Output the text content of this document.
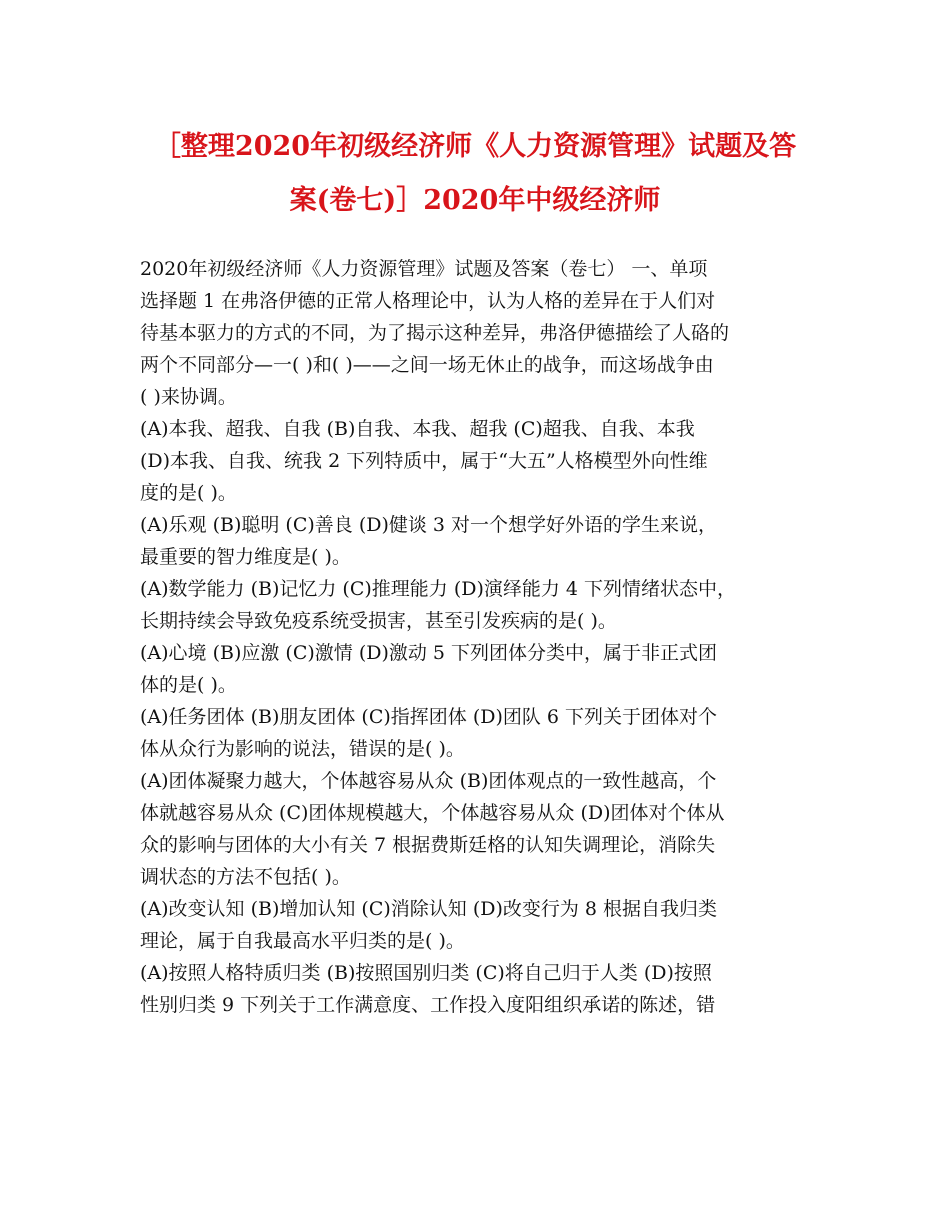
［整理2020年初级经济师《人力资源管理》试题及答
案(卷七)］2020年中级经济师
2020年初级经济师《人力资源管理》试题及答案（卷七） 一、单项
选择题 1 在弗洛伊德的正常人格理论中，认为人格的差异在于人们对
待基本驱力的方式的不同，为了揭示这种差异，弗洛伊德描绘了人硌的
两个不同部分—一( )和( )——之间一场无休止的战争，而这场战争由
( )来协调。
(A)本我、超我、自我 (B)自我、本我、超我 (C)超我、自我、本我
(D)本我、自我、统我 2 下列特质中，属于“大五”人格模型外向性维
度的是( )。
(A)乐观 (B)聪明 (C)善良 (D)健谈 3 对一个想学好外语的学生来说，
最重要的智力维度是( )。
(A)数学能力 (B)记忆力 (C)推理能力 (D)演绎能力 4 下列情绪状态中，
长期持续会导致免疫系统受损害，甚至引发疾病的是( )。
(A)心境 (B)应激 (C)激情 (D)激动 5 下列团体分类中，属于非正式团
体的是( )。
(A)任务团体 (B)朋友团体 (C)指挥团体 (D)团队 6 下列关于团体对个
体从众行为影响的说法，错误的是( )。
(A)团体凝聚力越大，个体越容易从众 (B)团体观点的一致性越高，个
体就越容易从众 (C)团体规模越大，个体越容易从众 (D)团体对个体从
众的影响与团体的大小有关 7 根据费斯廷格的认知失调理论，消除失
调状态的方法不包括( )。
(A)改变认知 (B)增加认知 (C)消除认知 (D)改变行为 8 根据自我归类
理论，属于自我最高水平归类的是( )。
(A)按照人格特质归类 (B)按照国别归类 (C)将自己归于人类 (D)按照
性别归类 9 下列关于工作满意度、工作投入度阳组织承诺的陈述，错
